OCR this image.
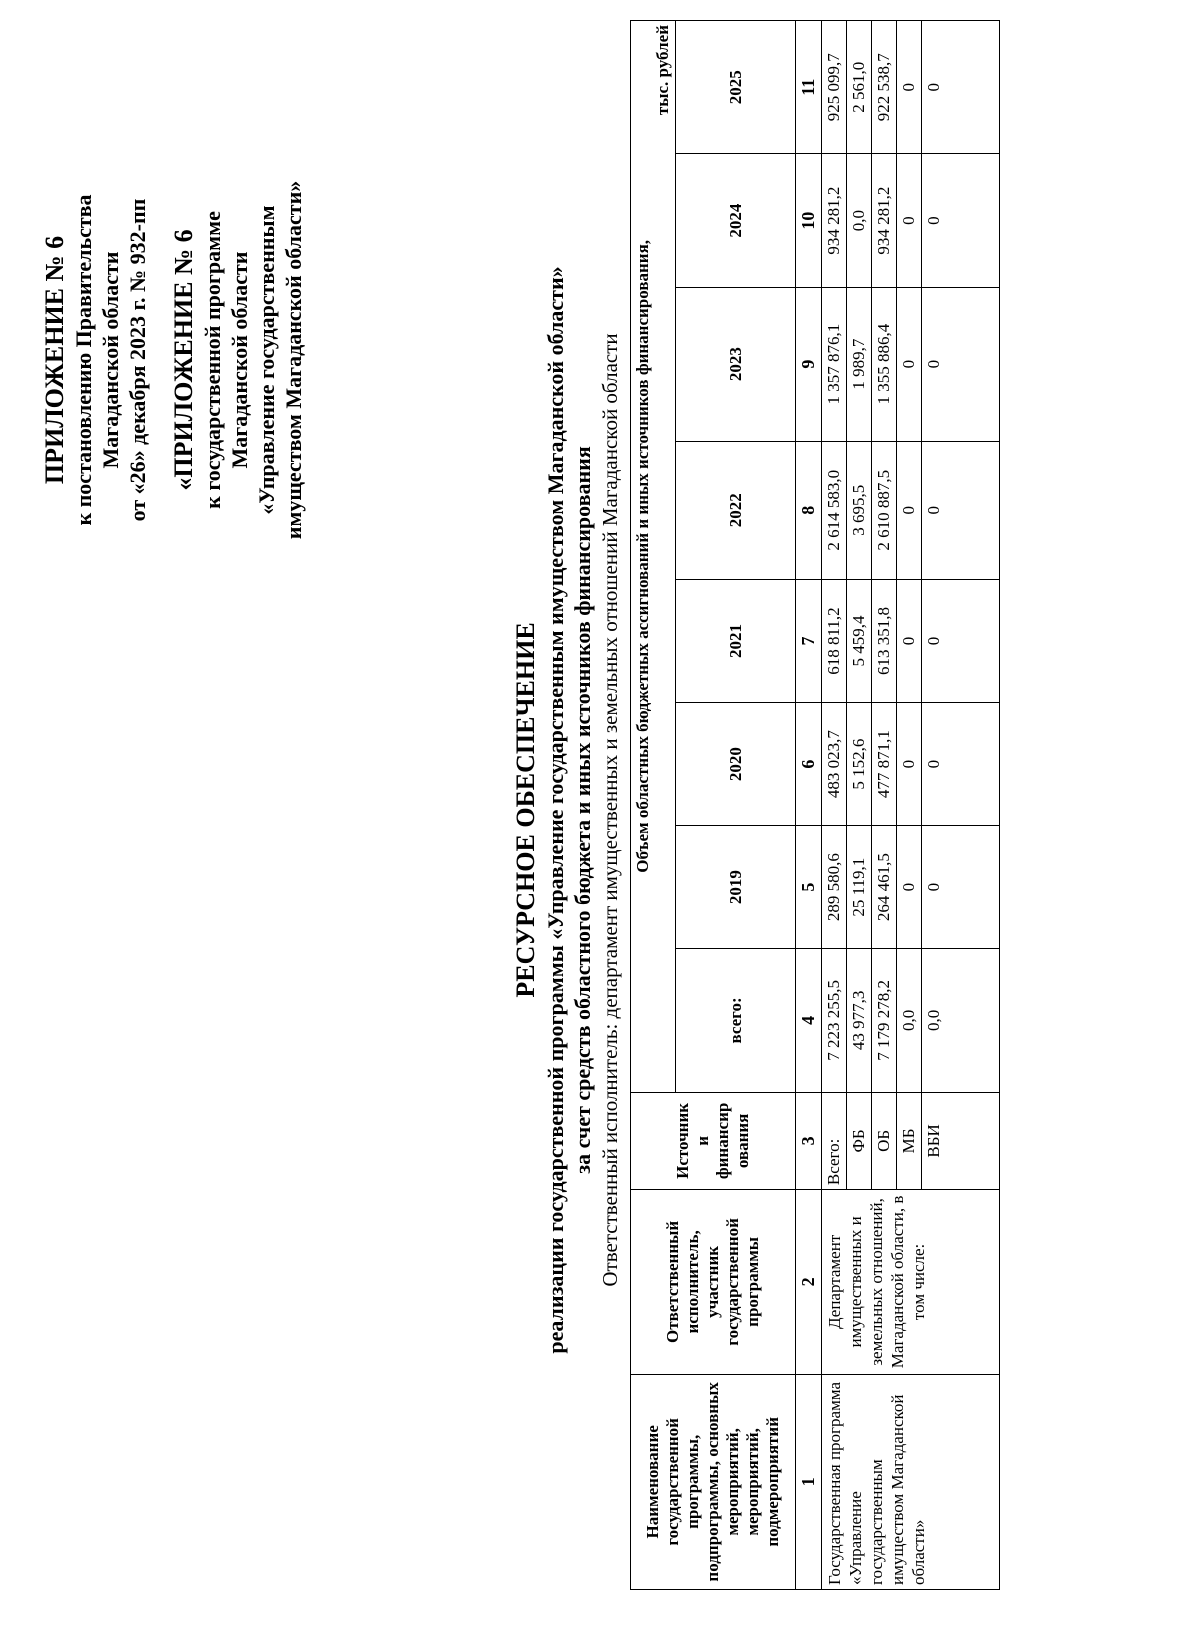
ПРИЛОЖЕНИЕ № 6 к постановлению Правительства Магаданской области от «26» декабря 2023 г. № 932-пп «ПРИЛОЖЕНИЕ № 6 к государственной программе Магаданской области «Управление государственным имуществом Магаданской области»
РЕСУРСНОЕ ОБЕСПЕЧЕНИЕ реализации государственной программы «Управление государственным имуществом Магаданской области» за счет средств областного бюджета и иных источников финансирования Ответственный исполнитель: департамент имущественных и земельных отношений Магаданской области
Наименование государственной программы, подпрограммы, основных мероприятий, мероприятий, подмероприятий	Ответственный исполнитель, участник государственной программы	Источник и финансир ования	Объем областных бюджетных ассигнований и иных источников финансирования,
тыс. рублей							

			всего:	2019	2020	2021	2022	2023	2024	2025
1	2	3	4	5	6	7	8	9	10	11
Государственная программа «Управление государственным имуществом Магаданской области»	Департамент имущественных и земельных отношений, Магаданской области, в том числе:	Всего:	7 223 255,5	289 580,6	483 023,7	618 811,2	2 614 583,0	1 357 876,1	934 281,2	925 099,7
		ФБ	43 977,3	25 119,1	5 152,6	5 459,4	3 695,5	1 989,7	0,0	2 561,0
		ОБ	7 179 278,2	264 461,5	477 871,1	613 351,8	2 610 887,5	1 355 886,4	934 281,2	922 538,7
		МБ	0,0	0	0	0	0	0	0	0
		ВБИ	0,0	0	0	0	0	0	0	0
